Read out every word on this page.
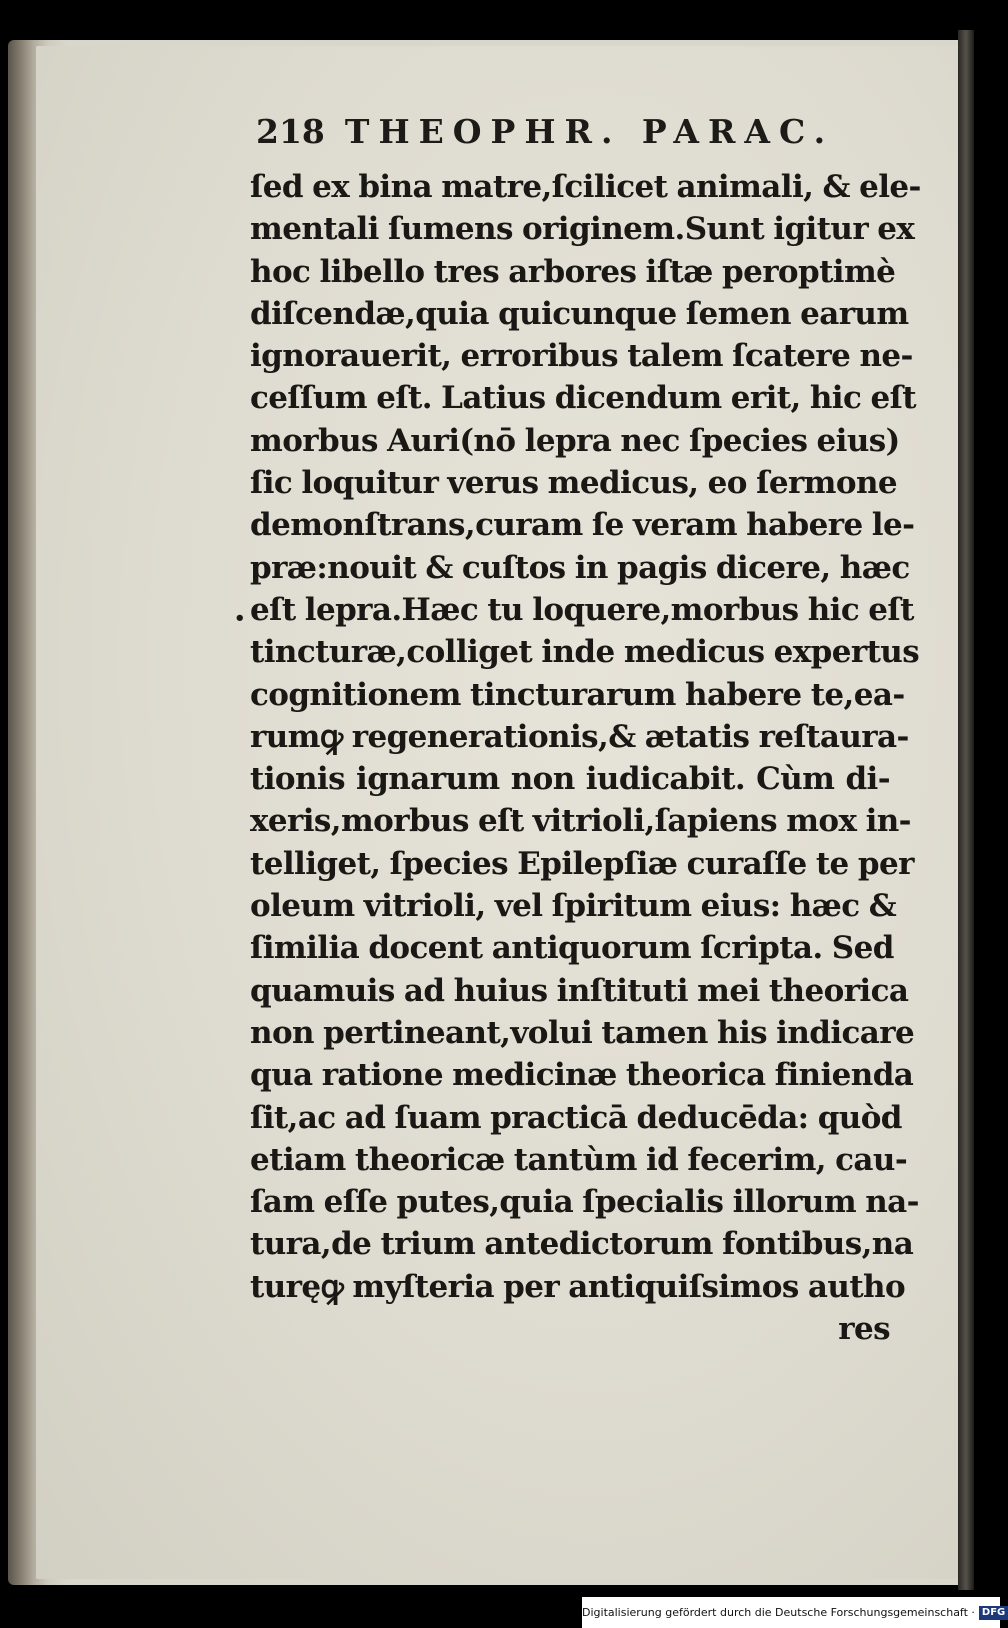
218 THEOPHR. PARAC.
•
ſed ex bina matre,ſcilicet animali, & ele-
mentali ſumens originem.Sunt igitur ex
hoc libello tres arbores iſtæ peroptimè
diſcendæ,quia quicunque ſemen earum
ignorauerit, erroribus talem ſcatere ne-
ceſſum eſt. Latius dicendum erit, hic eſt
morbus Auri(nō lepra nec ſpecies eius)
ſic loquitur verus medicus, eo ſermone
demonſtrans,curam ſe veram habere le-
præ:nouit & cuſtos in pagis dicere, hæc
eſt lepra.Hæc tu loquere,morbus hic eſt
tincturæ,colliget inde medicus expertus
cognitionem tincturarum habere te,ea-
rumꝙ regenerationis,& ætatis reſtaura-
tionis ignarum non iudicabit. Cùm di-
xeris,morbus eſt vitrioli,ſapiens mox in-
telliget, ſpecies Epilepſiæ curaſſe te per
oleum vitrioli, vel ſpiritum eius: hæc &
ſimilia docent antiquorum ſcripta. Sed
quamuis ad huius inſtituti mei theorica
non pertineant,volui tamen his indicare
qua ratione medicinæ theorica finienda
ſit,ac ad ſuam practicā deducēda: quòd
etiam theoricæ tantùm id fecerim, cau-
ſam eſſe putes,quia ſpecialis illorum na-
tura,de trium antedictorum fontibus,na
turęꝙ myſteria per antiquiſsimos autho
res
Digitalisierung gefördert durch die Deutsche Forschungsgemeinschaft · DFG
